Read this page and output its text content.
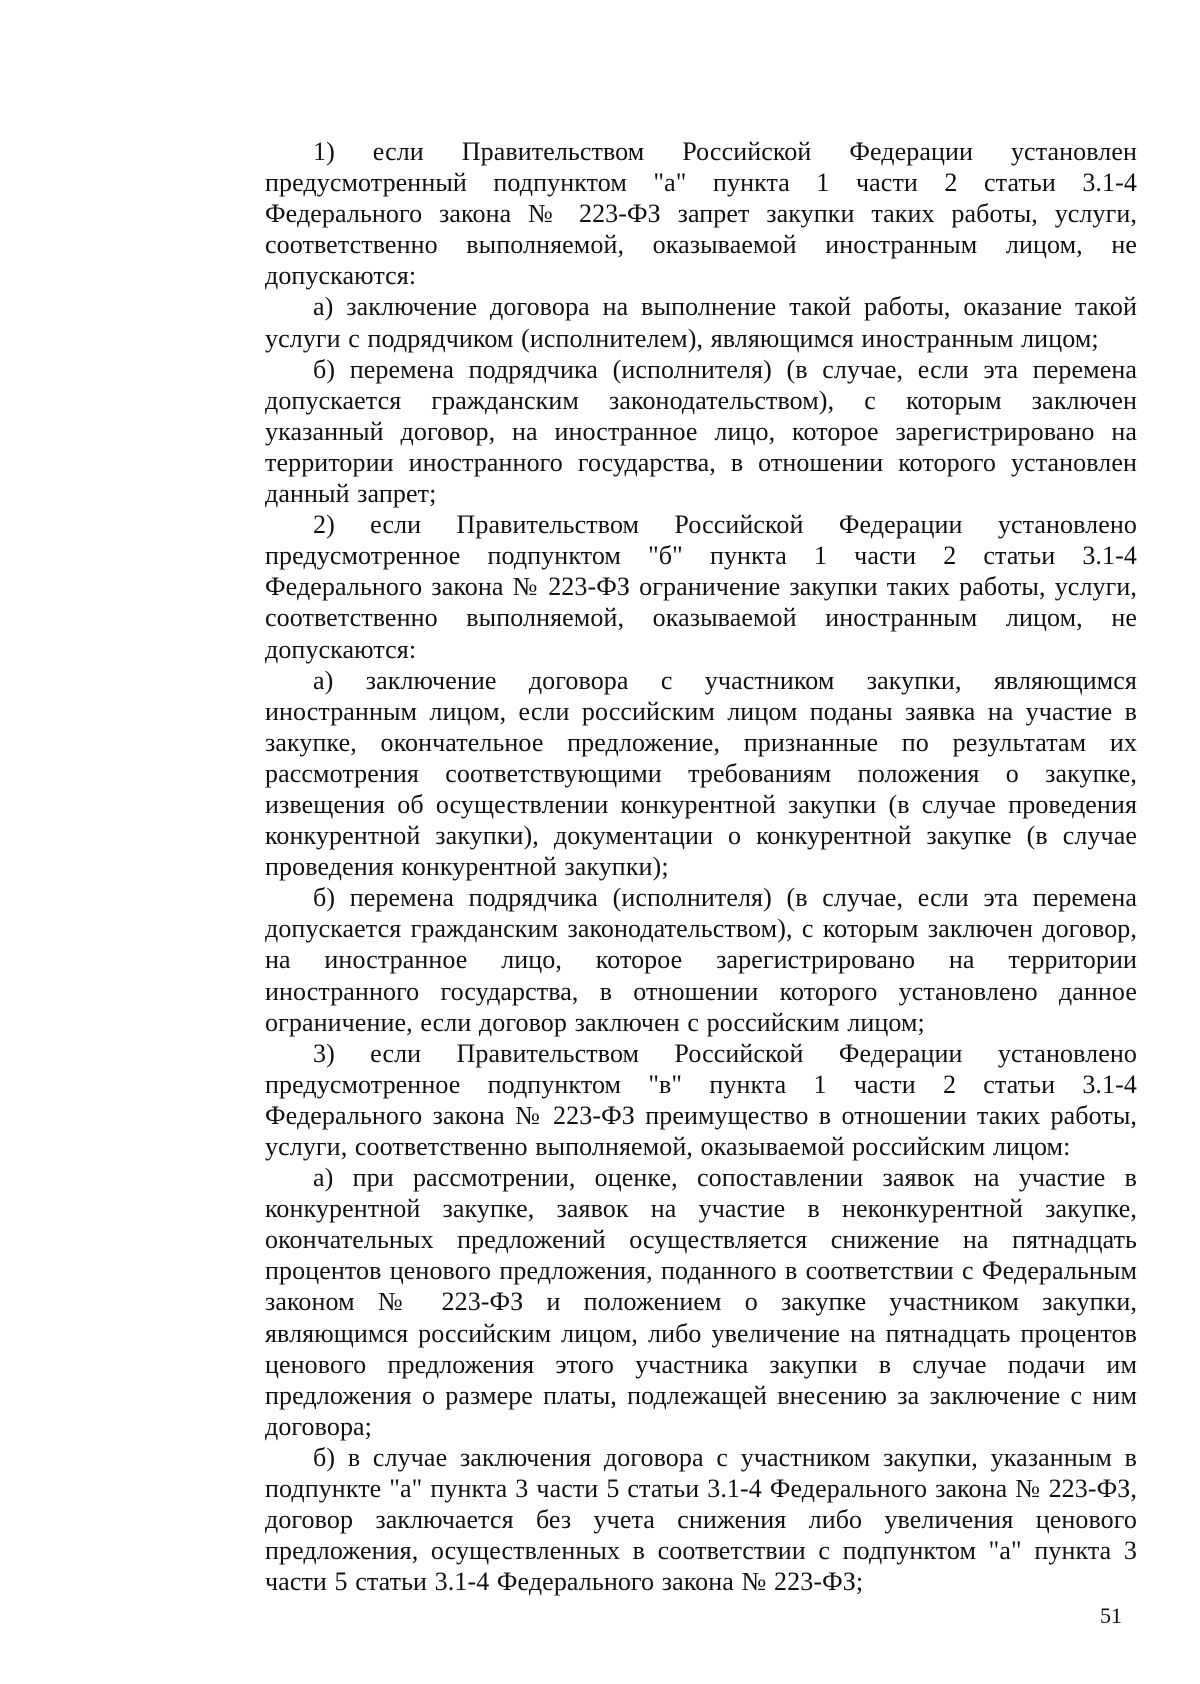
1) если Правительством Российской Федерации установлен предусмотренный подпунктом "а" пункта 1 части 2 статьи 3.1-4 Федерального закона № 223-ФЗ запрет закупки таких работы, услуги, соответственно выполняемой, оказываемой иностранным лицом, не допускаются:

а) заключение договора на выполнение такой работы, оказание такой услуги с подрядчиком (исполнителем), являющимся иностранным лицом;

б) перемена подрядчика (исполнителя) (в случае, если эта перемена допускается гражданским законодательством), с которым заключен указанный договор, на иностранное лицо, которое зарегистрировано на территории иностранного государства, в отношении которого установлен данный запрет;

2) если Правительством Российской Федерации установлено предусмотренное подпунктом "б" пункта 1 части 2 статьи 3.1-4 Федерального закона № 223-ФЗ ограничение закупки таких работы, услуги, соответственно выполняемой, оказываемой иностранным лицом, не допускаются:

а) заключение договора с участником закупки, являющимся иностранным лицом, если российским лицом поданы заявка на участие в закупке, окончательное предложение, признанные по результатам их рассмотрения соответствующими требованиям положения о закупке, извещения об осуществлении конкурентной закупки (в случае проведения конкурентной закупки), документации о конкурентной закупке (в случае проведения конкурентной закупки);

б) перемена подрядчика (исполнителя) (в случае, если эта перемена допускается гражданским законодательством), с которым заключен договор, на иностранное лицо, которое зарегистрировано на территории иностранного государства, в отношении которого установлено данное ограничение, если договор заключен с российским лицом;

3) если Правительством Российской Федерации установлено предусмотренное подпунктом "в" пункта 1 части 2 статьи 3.1-4 Федерального закона № 223-ФЗ преимущество в отношении таких работы, услуги, соответственно выполняемой, оказываемой российским лицом:

а) при рассмотрении, оценке, сопоставлении заявок на участие в конкурентной закупке, заявок на участие в неконкурентной закупке, окончательных предложений осуществляется снижение на пятнадцать процентов ценового предложения, поданного в соответствии с Федеральным законом № 223-ФЗ и положением о закупке участником закупки, являющимся российским лицом, либо увеличение на пятнадцать процентов ценового предложения этого участника закупки в случае подачи им предложения о размере платы, подлежащей внесению за заключение с ним договора;

б) в случае заключения договора с участником закупки, указанным в подпункте "а" пункта 3 части 5 статьи 3.1-4 Федерального закона № 223-ФЗ, договор заключается без учета снижения либо увеличения ценового предложения, осуществленных в соответствии с подпунктом "а" пункта 3 части 5 статьи 3.1-4 Федерального закона № 223-ФЗ;

51
